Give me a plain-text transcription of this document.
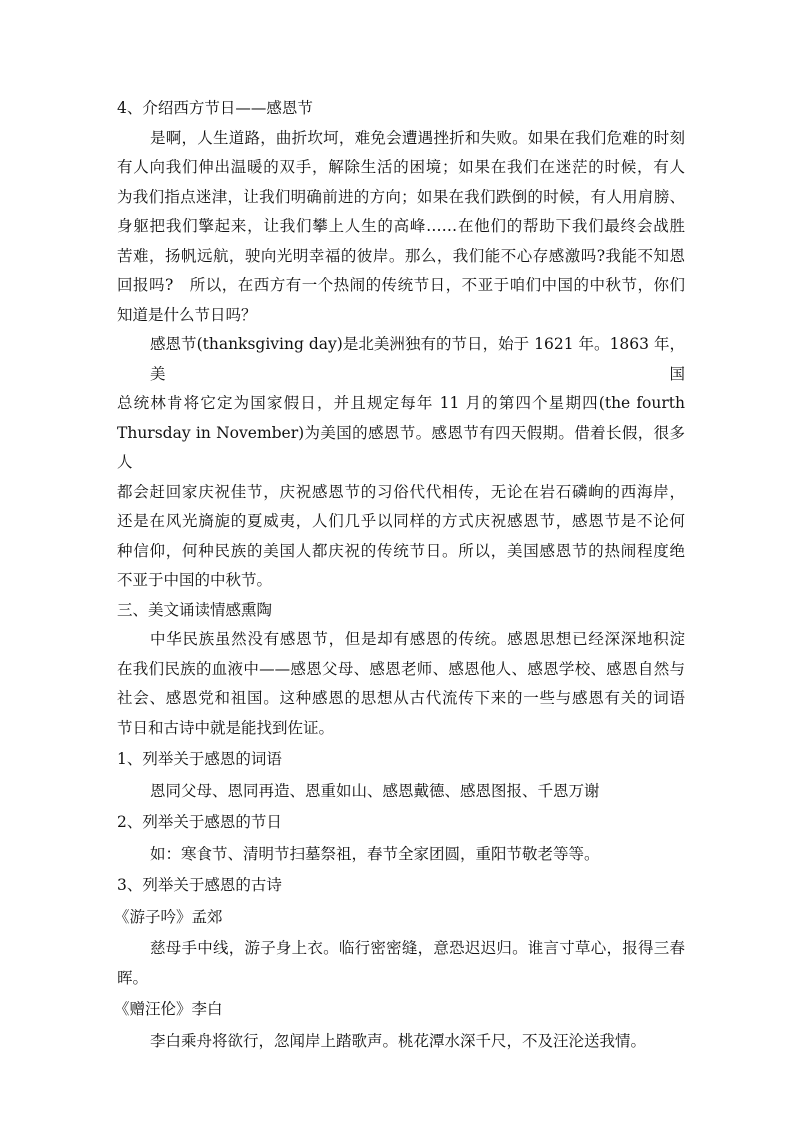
4、介绍西方节日——感恩节
是啊，人生道路，曲折坎坷，难免会遭遇挫折和失败。如果在我们危难的时刻
有人向我们伸出温暖的双手，解除生活的困境；如果在我们在迷茫的时候，有人
为我们指点迷津，让我们明确前进的方向；如果在我们跌倒的时候，有人用肩膀、
身躯把我们擎起来，让我们攀上人生的高峰……在他们的帮助下我们最终会战胜
苦难，扬帆远航，驶向光明幸福的彼岸。那么，我们能不心存感激吗?我能不知恩
回报吗?　所以，在西方有一个热闹的传统节日，不亚于咱们中国的中秋节，你们
知道是什么节日吗？
感恩节(thanksgiving day)是北美洲独有的节日，始于 1621 年。1863 年，美国
总统林肯将它定为国家假日，并且规定每年 11 月的第四个星期四(the fourth
Thursday in November)为美国的感恩节。感恩节有四天假期。借着长假，很多人
都会赶回家庆祝佳节，庆祝感恩节的习俗代代相传，无论在岩石磷峋的西海岸，
还是在风光旖旎的夏威夷，人们几乎以同样的方式庆祝感恩节，感恩节是不论何
种信仰，何种民族的美国人都庆祝的传统节日。所以，美国感恩节的热闹程度绝
不亚于中国的中秋节。
三、美文诵读情感熏陶
中华民族虽然没有感恩节，但是却有感恩的传统。感恩思想已经深深地积淀
在我们民族的血液中——感恩父母、感恩老师、感恩他人、感恩学校、感恩自然与
社会、感恩党和祖国。这种感恩的思想从古代流传下来的一些与感恩有关的词语
节日和古诗中就是能找到佐证。
1、列举关于感恩的词语
恩同父母、恩同再造、恩重如山、感恩戴德、感恩图报、千恩万谢
2、列举关于感恩的节日
如：寒食节、清明节扫墓祭祖，春节全家团圆，重阳节敬老等等。
3、列举关于感恩的古诗
《游子吟》孟郊
慈母手中线，游子身上衣。临行密密缝，意恐迟迟归。谁言寸草心，报得三春
晖。
《赠汪伦》李白
李白乘舟将欲行，忽闻岸上踏歌声。桃花潭水深千尺，不及汪沦送我情。
